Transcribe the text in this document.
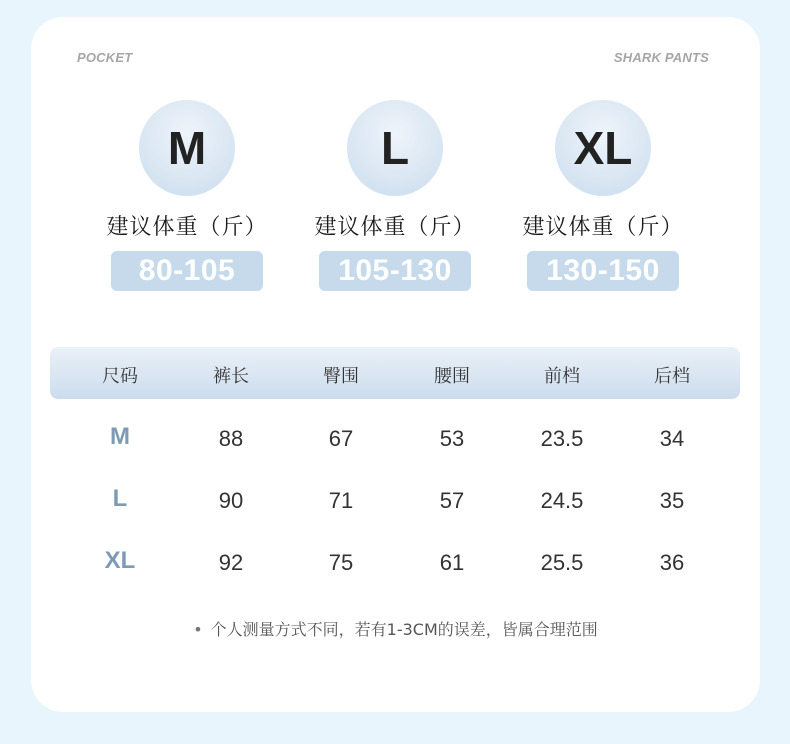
POCKET	SHARK PANTS
M
建议体重（斤）
80-105
L
建议体重（斤）
105-130
XL
建议体重（斤）
130-150
尺码	裤长	臀围	腰围	前档	后档
M	88	67	53	23.5	34
L	90	71	57	24.5	35
XL	92	75	61	25.5	36
• 个人测量方式不同，若有1-3CM的误差，皆属合理范围
